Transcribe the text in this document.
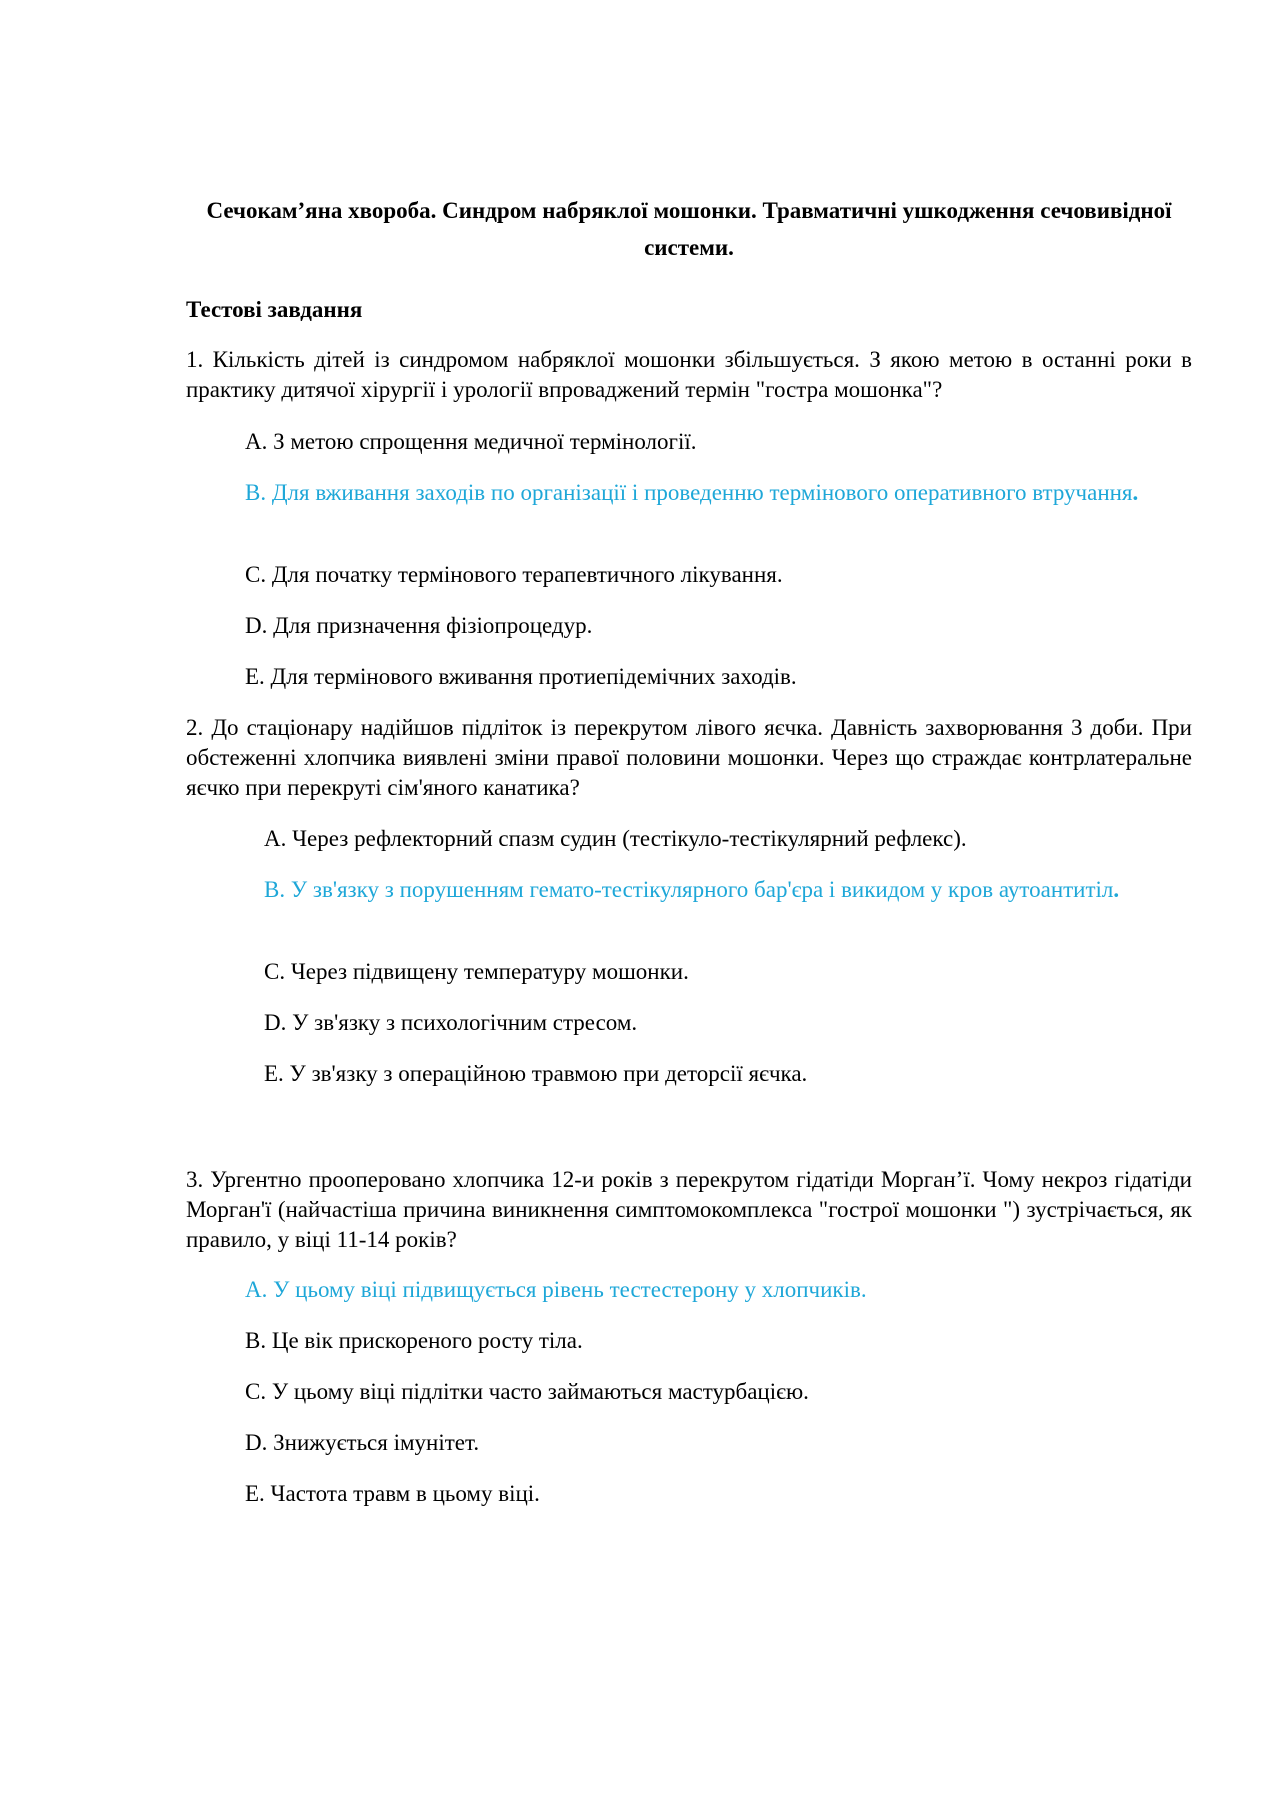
Сечокам’яна хвороба. Синдром набряклої мошонки. Травматичні ушкодження сечовивідної системи.
Тестові завдання
1. Кількість дітей із синдромом набряклої мошонки збільшується. З якою метою в останні роки в практику дитячої хірургії і урології впроваджений термін "гостра мошонка"?
A. З метою спрощення медичної термінології.
B. Для вживання заходів по організації і проведенню термінового оперативного втручання.
C. Для початку термінового терапевтичного лікування.
D. Для призначення фізіопроцедур.
E. Для термінового вживання протиепідемічних заходів.
2. До стаціонару надійшов підліток із перекрутом лівого яєчка. Давність захворювання 3 доби. При обстеженні хлопчика виявлені зміни правої половини мошонки. Через що страждає контрлатеральне яєчко при перекруті сім'яного канатика?
A. Через рефлекторний спазм судин (тестікуло-тестікулярний рефлекс).
B. У зв'язку з порушенням гемато-тестікулярного бар'єра і викидом у кров аутоантитіл.
C. Через підвищену температуру мошонки.
D. У зв'язку з психологічним стресом.
E. У зв'язку з операційною травмою при деторсії яєчка.
3. Ургентно прооперовано хлопчика 12-и років з перекрутом гідатіди Морган’ї. Чому некроз гідатіди Морган'ї (найчастіша причина виникнення симптомокомплекса "гострої мошонки ") зустрічається, як правило, у віці 11-14 років?
A. У цьому віці підвищується рівень тестестерону у хлопчиків.
B. Це вік прискореного росту тіла.
C. У цьому віці підлітки часто займаються мастурбацією.
D. Знижується імунітет.
E. Частота травм в цьому віці.
